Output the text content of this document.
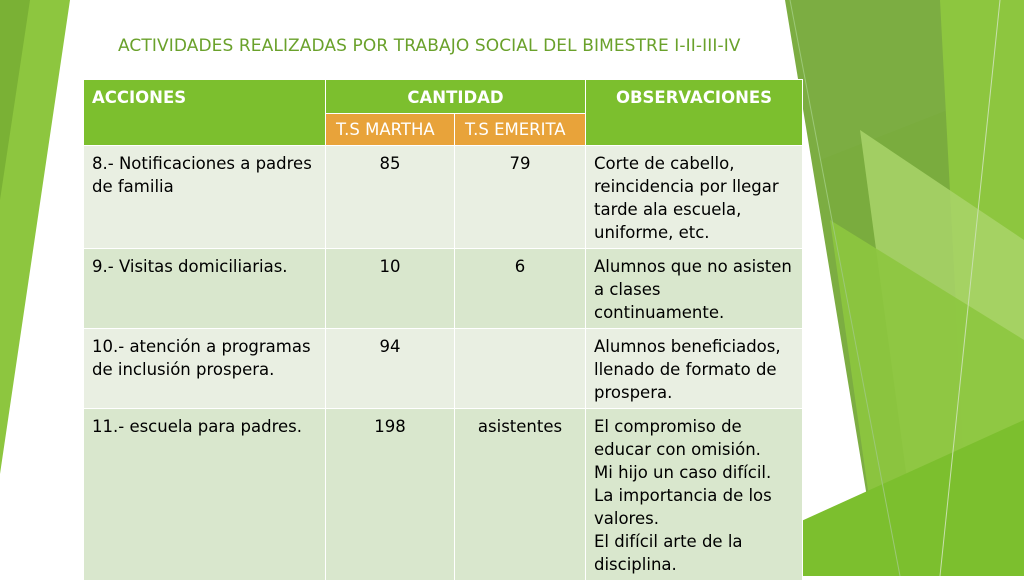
ACTIVIDADES REALIZADAS POR TRABAJO SOCIAL DEL BIMESTRE I-II-III-IV
ACCIONES	CANTIDAD		OBSERVACIONES
	T.S MARTHA	T.S EMERITA	
8.- Notificaciones a padres de familia	85	79	Corte de cabello, reincidencia por llegar tarde ala escuela, uniforme, etc.
9.- Visitas domiciliarias.	10	6	Alumnos que no asisten a clases continuamente.
10.- atención a programas de inclusión prospera.	94		Alumnos beneficiados, llenado de formato de prospera.
11.- escuela para padres.	198	asistentes	El compromiso de educar con omisión.
Mi hijo un caso difícil.
La importancia de los valores.
El difícil arte de la disciplina.
